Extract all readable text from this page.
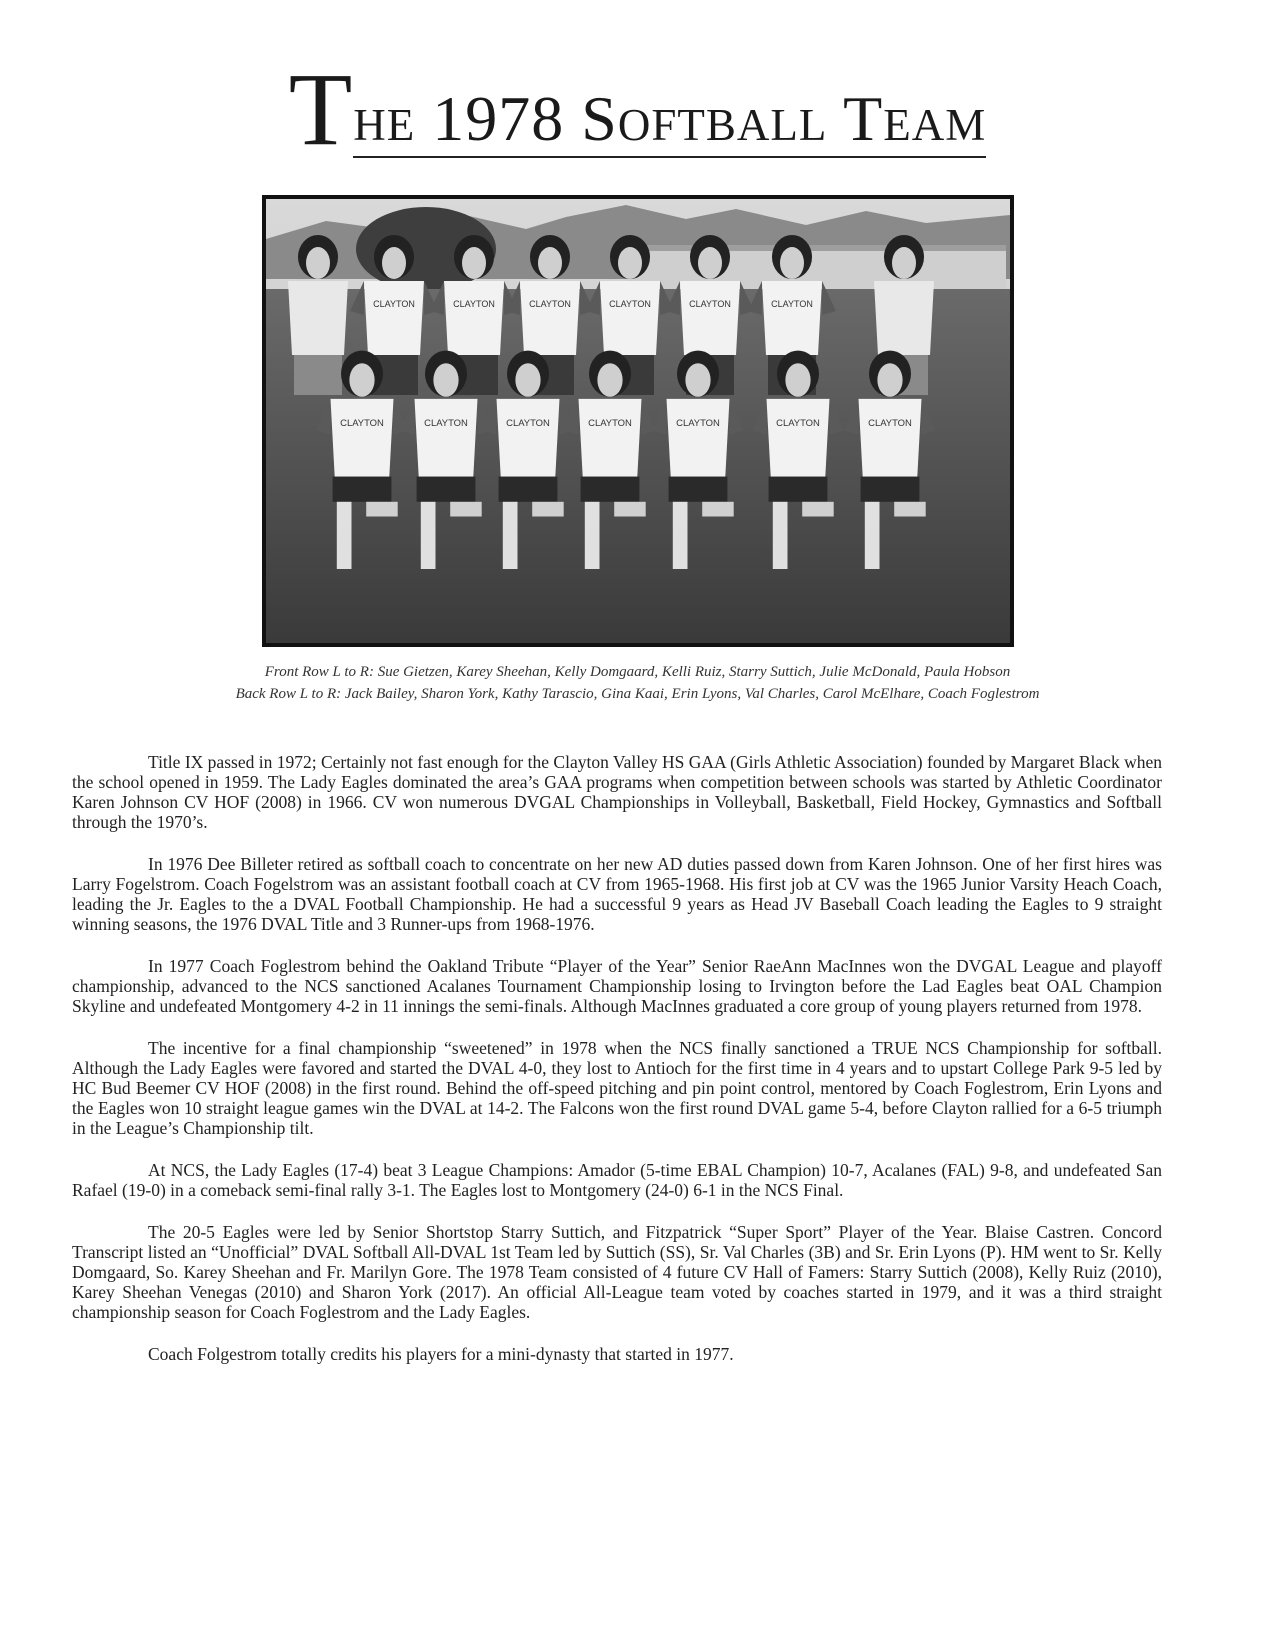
The 1978 Softball Team
CLAYTON	CLAYTON	CLAYTON	CLAYTON	CLAYTON	CLAYTON
CLAYTON	CLAYTON	CLAYTON	CLAYTON	CLAYTON	CLAYTON	CLAYTON
Front Row L to R: Sue Gietzen, Karey Sheehan, Kelly Domgaard, Kelli Ruiz, Starry Suttich, Julie McDonald, Paula Hobson
Back Row L to R: Jack Bailey, Sharon York, Kathy Tarascio, Gina Kaai, Erin Lyons, Val Charles, Carol McElhare, Coach Foglestrom

Title IX passed in 1972; Certainly not fast enough for the Clayton Valley HS GAA (Girls Athletic Association) founded by Margaret Black when the school opened in 1959. The Lady Eagles dominated the area’s GAA programs when competition between schools was started by Athletic Coordinator Karen Johnson CV HOF (2008) in 1966. CV won numerous DVGAL Championships in Volleyball, Basketball, Field Hockey, Gymnastics and Softball through the 1970’s.

In 1976 Dee Billeter retired as softball coach to concentrate on her new AD duties passed down from Karen Johnson. One of her first hires was Larry Fogelstrom. Coach Fogelstrom was an assistant football coach at CV from 1965-1968. His first job at CV was the 1965 Junior Varsity Heach Coach, leading the Jr. Eagles to the a DVAL Football Championship. He had a successful 9 years as Head JV Baseball Coach leading the Eagles to 9 straight winning seasons, the 1976 DVAL Title and 3 Runner-ups from 1968-1976.

In 1977 Coach Foglestrom behind the Oakland Tribute “Player of the Year” Senior RaeAnn MacInnes won the DVGAL League and playoff championship, advanced to the NCS sanctioned Acalanes Tournament Championship losing to Irvington before the Lad Eagles beat OAL Champion Skyline and undefeated Montgomery 4-2 in 11 innings the semi-finals. Although MacInnes graduated a core group of young players returned from 1978.

The incentive for a final championship “sweetened” in 1978 when the NCS finally sanctioned a TRUE NCS Championship for softball. Although the Lady Eagles were favored and started the DVAL 4-0, they lost to Antioch for the first time in 4 years and to upstart College Park 9-5 led by HC Bud Beemer CV HOF (2008) in the first round. Behind the off-speed pitching and pin point control, mentored by Coach Foglestrom, Erin Lyons and the Eagles won 10 straight league games win the DVAL at 14-2. The Falcons won the first round DVAL game 5-4, before Clayton rallied for a 6-5 triumph in the League’s Championship tilt.

At NCS, the Lady Eagles (17-4) beat 3 League Champions: Amador (5-time EBAL Champion) 10-7, Acalanes (FAL) 9-8, and undefeated San Rafael (19-0) in a comeback semi-final rally 3-1. The Eagles lost to Montgomery (24-0) 6-1 in the NCS Final.

The 20-5 Eagles were led by Senior Shortstop Starry Suttich, and Fitzpatrick “Super Sport” Player of the Year. Blaise Castren. Concord Transcript listed an “Unofficial” DVAL Softball All-DVAL 1st Team led by Suttich (SS), Sr. Val Charles (3B) and Sr. Erin Lyons (P). HM went to Sr. Kelly Domgaard, So. Karey Sheehan and Fr. Marilyn Gore. The 1978 Team consisted of 4 future CV Hall of Famers: Starry Suttich (2008), Kelly Ruiz (2010), Karey Sheehan Venegas (2010) and Sharon York (2017). An official All-League team voted by coaches started in 1979, and it was a third straight championship season for Coach Foglestrom and the Lady Eagles.

Coach Folgestrom totally credits his players for a mini-dynasty that started in 1977.
